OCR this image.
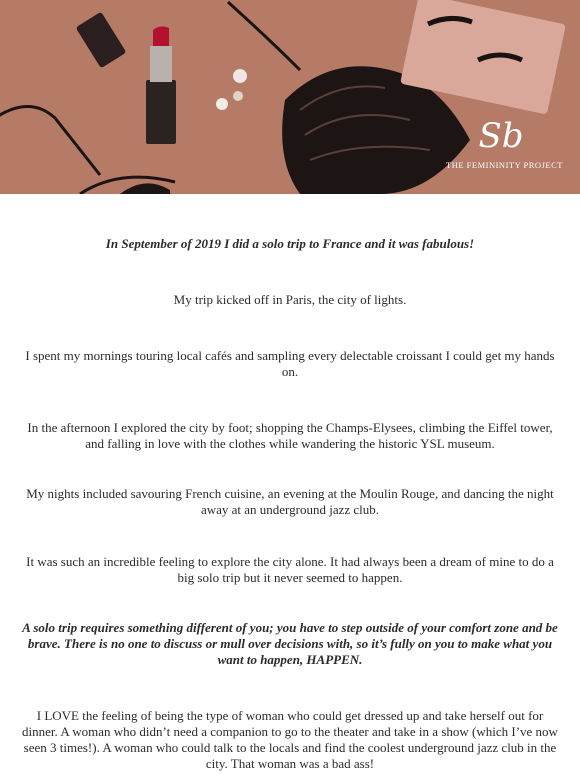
Sb
THE FEMININITY PROJECT

In September of 2019 I did a solo trip to France and it was fabulous!

My trip kicked off in Paris, the city of lights.

I spent my mornings touring local cafés and sampling every delectable croissant I could get my hands on.

In the afternoon I explored the city by foot; shopping the Champs-Elysees, climbing the Eiffel tower, and falling in love with the clothes while wandering the historic YSL museum.

My nights included savouring French cuisine, an evening at the Moulin Rouge, and dancing the night away at an underground jazz club.

It was such an incredible feeling to explore the city alone. It had always been a dream of mine to do a big solo trip but it never seemed to happen.

A solo trip requires something different of you; you have to step outside of your comfort zone and be brave. There is no one to discuss or mull over decisions with, so it’s fully on you to make what you want to happen, HAPPEN.

I LOVE the feeling of being the type of woman who could get dressed up and take herself out for dinner. A woman who didn’t need a companion to go to the theater and take in a show (which I’ve now seen 3 times!). A woman who could talk to the locals and find the coolest underground jazz club in the city. That woman was a bad ass!
